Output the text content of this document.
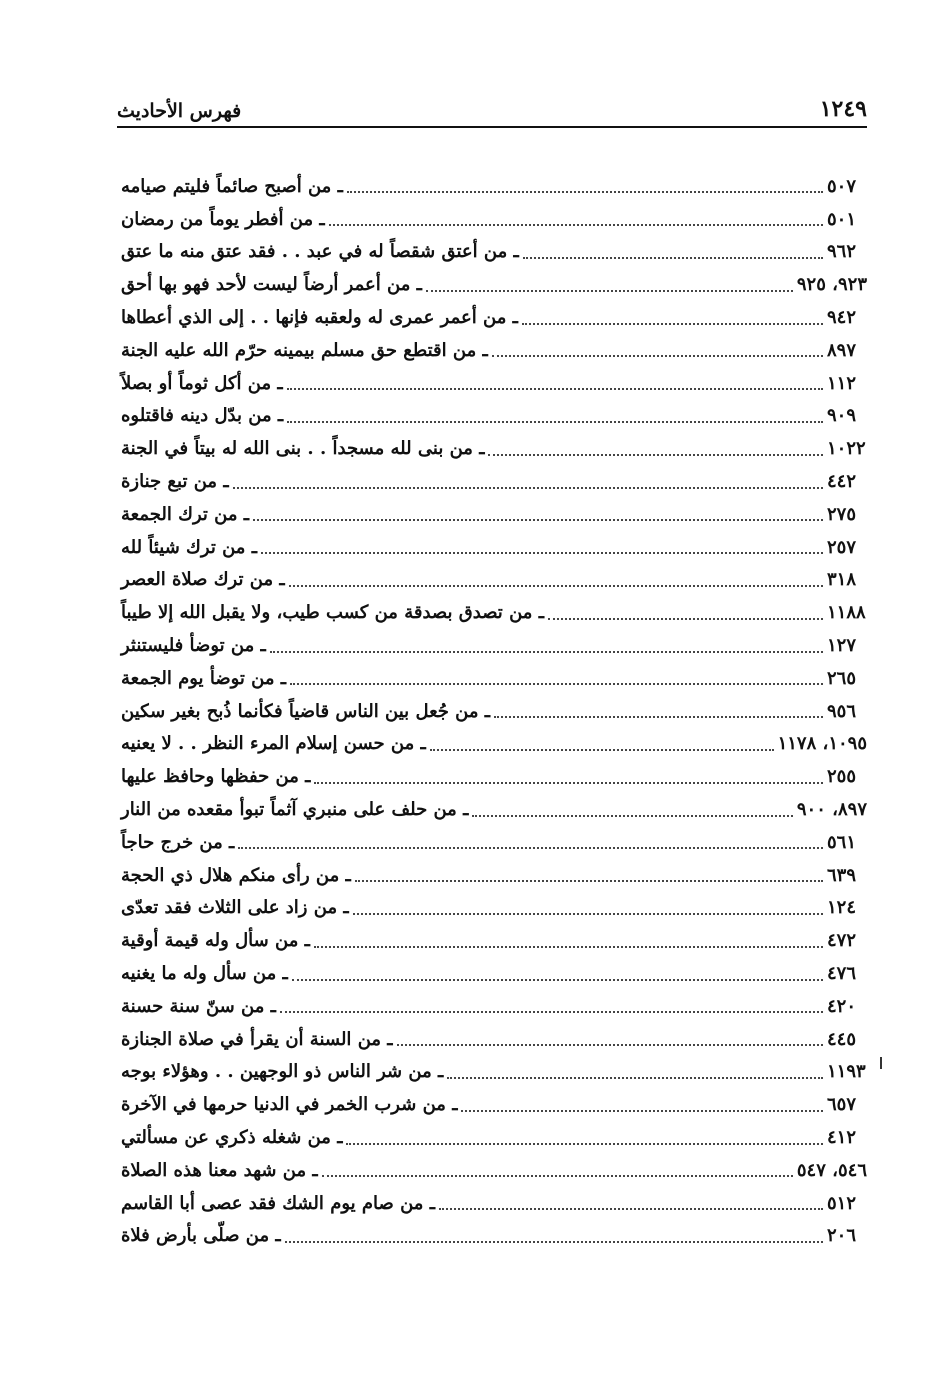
١٢٤٩
فهرس الأحاديث
ـ من أصبح صائماً فليتم صيامه	٥٠٧
ـ من أفطر يوماً من رمضان	٥٠١
ـ من أعتق شقصاً له في عبد . . فقد عتق منه ما عتق	٩٦٢
ـ من أعمر أرضاً ليست لأحد فهو بها أحق	٩٢٣، ٩٢٥
ـ من أعمر عمرى له ولعقبه فإنها . . إلى الذي أعطاها	٩٤٢
ـ من اقتطع حق مسلم بيمينه حرّم الله عليه الجنة	٨٩٧
ـ من أكل ثوماً أو بصلاً	١١٢
ـ من بدّل دينه فاقتلوه	٩٠٩
ـ من بنى لله مسجداً . . بنى الله له بيتاً في الجنة	١٠٢٢
ـ من تبع جنازة	٤٤٢
ـ من ترك الجمعة	٢٧٥
ـ من ترك شيئاً لله	٢٥٧
ـ من ترك صلاة العصر	٣١٨
ـ من تصدق بصدقة من كسب طيب، ولا يقبل الله إلا طيباً	١١٨٨
ـ من توضأ فليستنثر	١٢٧
ـ من توضأ يوم الجمعة	٢٦٥
ـ من جُعل بين الناس قاضياً فكأنما ذُبح بغير سكين	٩٥٦
ـ من حسن إسلام المرء النظر . . لا يعنيه	١٠٩٥، ١١٧٨
ـ من حفظها وحافظ عليها	٢٥٥
ـ من حلف على منبري آثماً تبوأ مقعده من النار	٨٩٧، ٩٠٠
ـ من خرج حاجاً	٥٦١
ـ من رأى منكم هلال ذي الحجة	٦٣٩
ـ من زاد على الثلاث فقد تعدّى	١٢٤
ـ من سأل وله قيمة أوقية	٤٧٢
ـ من سأل وله ما يغنيه	٤٧٦
ـ من سنّ سنة حسنة	٤٢٠
ـ من السنة أن يقرأ في صلاة الجنازة	٤٤٥
ـ من شر الناس ذو الوجهين . . وهؤلاء بوجه	١١٩٣
ـ من شرب الخمر في الدنيا حرمها في الآخرة	٦٥٧
ـ من شغله ذكري عن مسألتي	٤١٢
ـ من شهد معنا هذه الصلاة	٥٤٦، ٥٤٧
ـ من صام يوم الشك فقد عصى أبا القاسم	٥١٢
ـ من صلّى بأرض فلاة	٢٠٦
